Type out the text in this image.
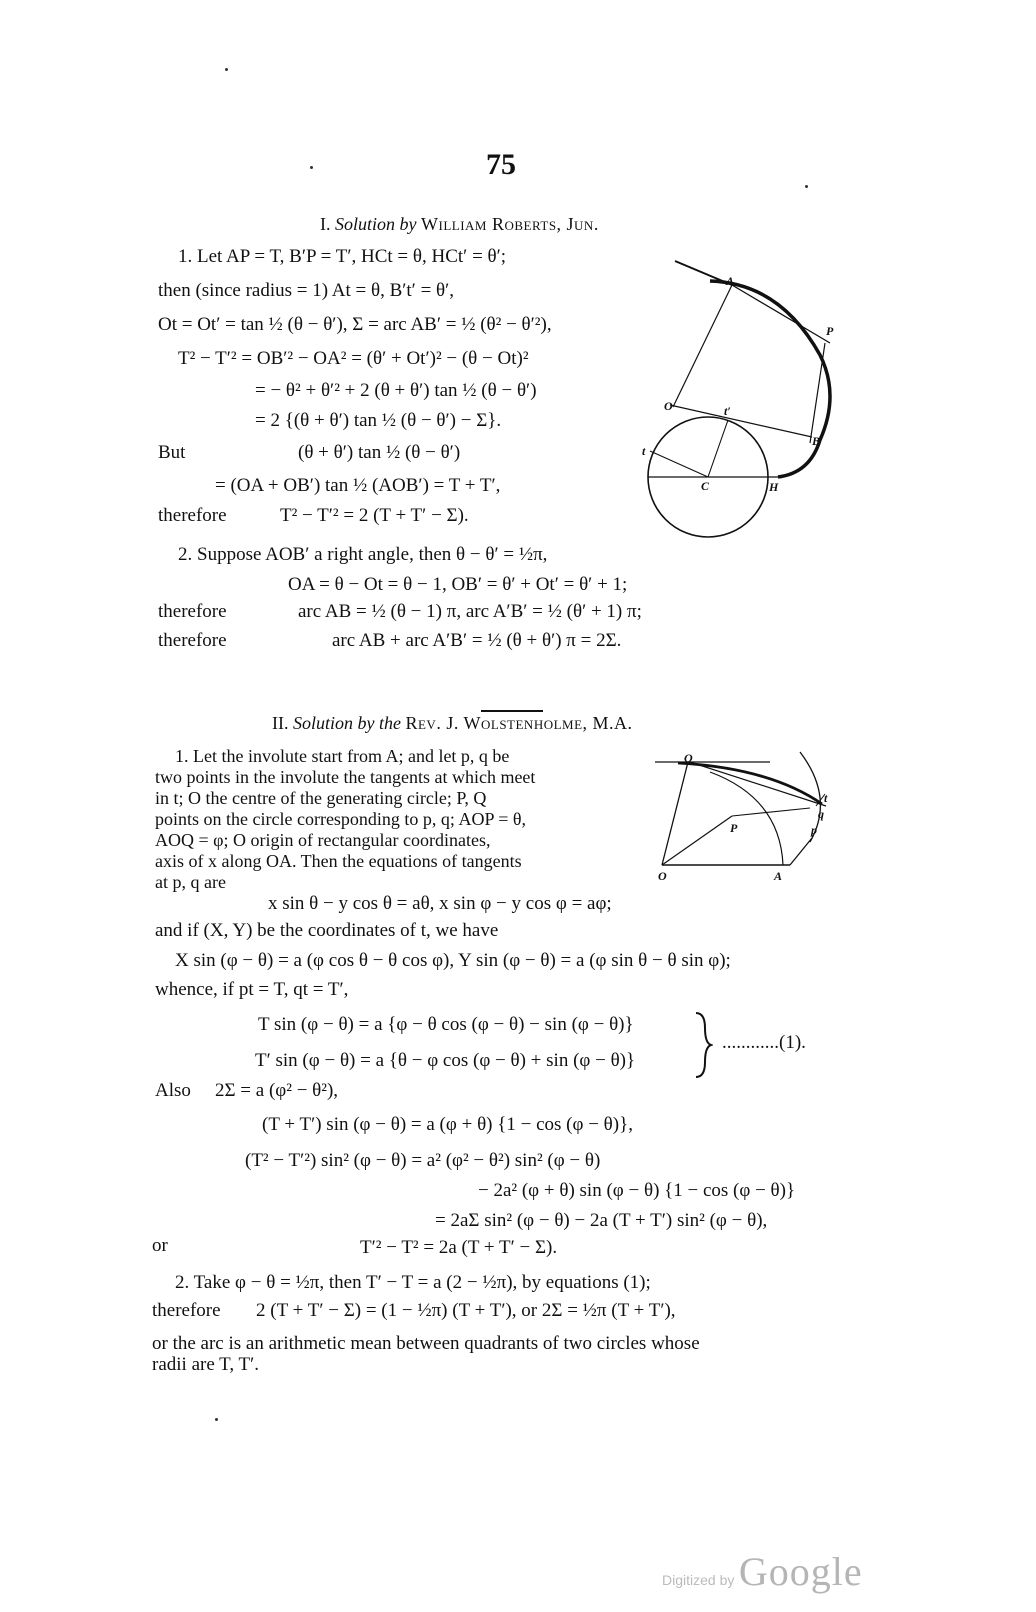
75
I. Solution by William Roberts, Jun.
1. Let AP = T, B′P = T′, HCt = θ, HCt′ = θ′;
then (since radius = 1) At = θ, B′t′ = θ′,
Ot = Ot′ = tan ½ (θ − θ′), Σ = arc AB′ = ½ (θ² − θ′²),
T² − T′² = OB′² − OA² = (θ′ + Ot′)² − (θ − Ot)²
= − θ² + θ′² + 2 (θ + θ′) tan ½ (θ − θ′)
= 2 {(θ + θ′) tan ½ (θ − θ′) − Σ}.
But	(θ + θ′) tan ½ (θ − θ′)
= (OA + OB′) tan ½ (AOB′) = T + T′,
therefore	T² − T′² = 2 (T + T′ − Σ).
2. Suppose AOB′ a right angle, then θ − θ′ = ½π,
OA = θ − Ot = θ − 1, OB′ = θ′ + Ot′ = θ′ + 1;
therefore	arc AB = ½ (θ − 1) π, arc A′B′ = ½ (θ′ + 1) π;
therefore	arc AB + arc A′B′ = ½ (θ + θ′) π = 2Σ.
A
P
O	t′
B
t
C	H
II. Solution by the Rev. J. Wolstenholme, M.A.
1. Let the involute start from A; and let p, q be
two points in the involute the tangents at which meet
in t; O the centre of the generating circle; P, Q
points on the circle corresponding to p, q; AOP = θ,
AOQ = φ; O origin of rectangular coordinates,
axis of x along OA. Then the equations of tangents
at p, q are
Q
q
P
t
p
O	A
x sin θ − y cos θ = aθ, x sin φ − y cos φ = aφ;
and if (X, Y) be the coordinates of t, we have
X sin (φ − θ) = a (φ cos θ − θ cos φ), Y sin (φ − θ) = a (φ sin θ − θ sin φ);
whence, if pt = T, qt = T′,
T sin (φ − θ) = a {φ − θ cos (φ − θ) − sin (φ − θ)}
T′ sin (φ − θ) = a {θ − φ cos (φ − θ) + sin (φ − θ)}
............(1).
Also 2Σ = a (φ² − θ²),
(T + T′) sin (φ − θ) = a (φ + θ) {1 − cos (φ − θ)},
(T² − T′²) sin² (φ − θ) = a² (φ² − θ²) sin² (φ − θ)
− 2a² (φ + θ) sin (φ − θ) {1 − cos (φ − θ)}
= 2aΣ sin² (φ − θ) − 2a (T + T′) sin² (φ − θ),
or	T′² − T² = 2a (T + T′ − Σ).
2. Take φ − θ = ½π, then T′ − T = a (2 − ½π), by equations (1);
therefore 2 (T + T′ − Σ) = (1 − ½π) (T + T′), or 2Σ = ½π (T + T′),
or the arc is an arithmetic mean between quadrants of two circles whose
radii are T, T′.
Digitized by Google
